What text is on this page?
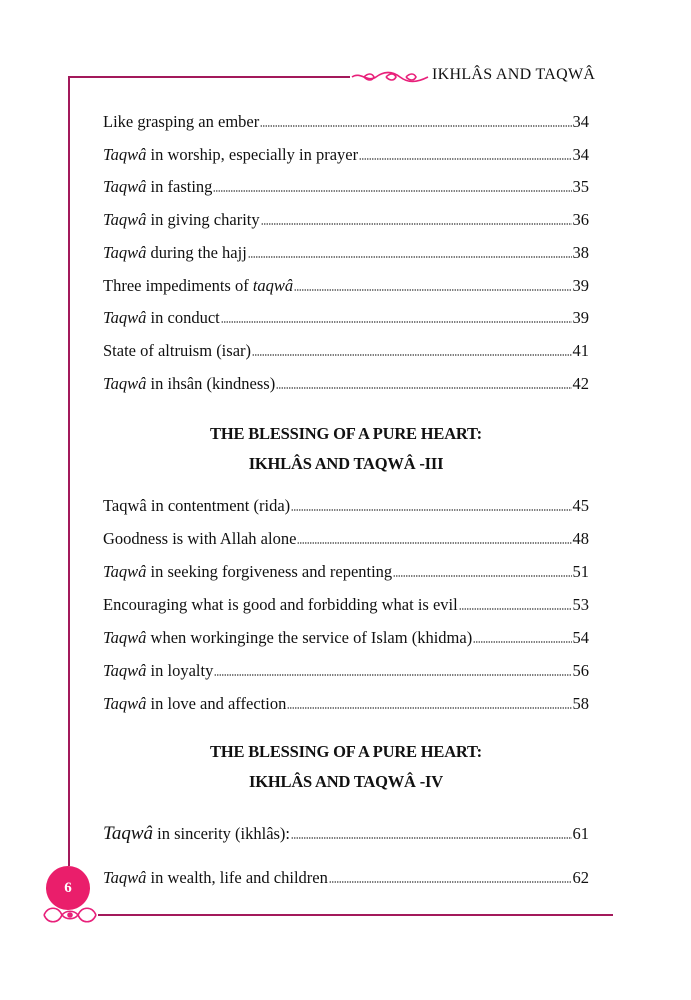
IKHLÂS AND TAQWÂ
6
Like grasping an ember	34
Taqwâ in worship, especially in prayer	34
Taqwâ in fasting	35
Taqwâ in giving charity	36
Taqwâ during the hajj	38
Three impediments of taqwâ	39
Taqwâ in conduct	39
State of altruism (isar)	41
Taqwâ in ihsân (kindness)	42
THE BLESSING OF A PURE HEART:
IKHLÂS AND TAQWÂ -III
Taqwâ in contentment (rida)	45
Goodness is with Allah alone	48
Taqwâ in seeking forgiveness and repenting	51
Encouraging what is good and forbidding what is evil	53
Taqwâ when workinginge the service of Islam (khidma)	54
Taqwâ in loyalty	56
Taqwâ in love and affection	58
THE BLESSING OF A PURE HEART:
IKHLÂS AND TAQWÂ -IV
Taqwâ in sincerity (ikhlâs):	61
Taqwâ in wealth, life and children	62
